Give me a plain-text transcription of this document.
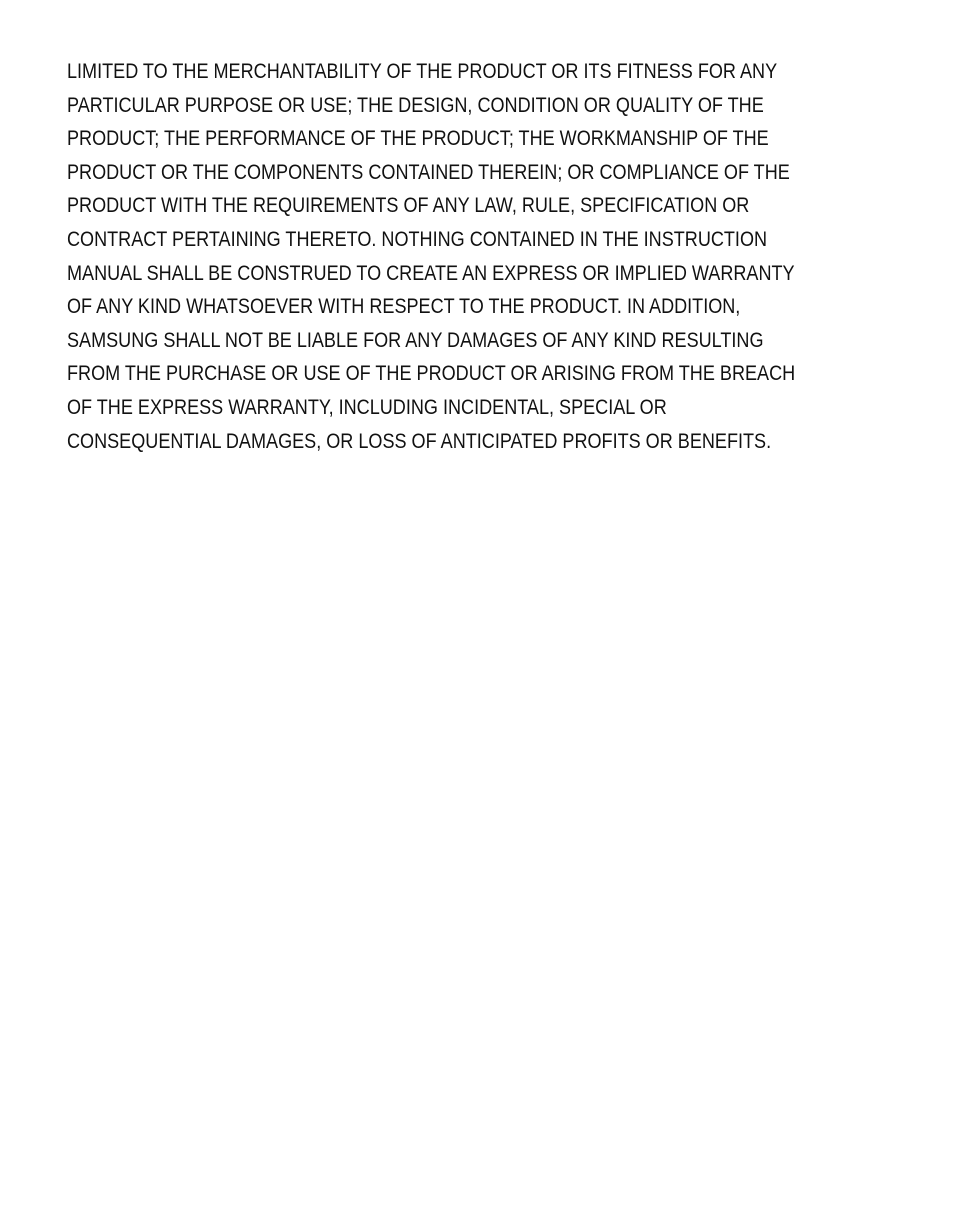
LIMITED TO THE MERCHANTABILITY OF THE PRODUCT OR ITS FITNESS FOR ANY
PARTICULAR PURPOSE OR USE; THE DESIGN, CONDITION OR QUALITY OF THE
PRODUCT; THE PERFORMANCE OF THE PRODUCT; THE WORKMANSHIP OF THE
PRODUCT OR THE COMPONENTS CONTAINED THEREIN; OR COMPLIANCE OF THE
PRODUCT WITH THE REQUIREMENTS OF ANY LAW, RULE, SPECIFICATION OR
CONTRACT PERTAINING THERETO. NOTHING CONTAINED IN THE INSTRUCTION
MANUAL SHALL BE CONSTRUED TO CREATE AN EXPRESS OR IMPLIED WARRANTY
OF ANY KIND WHATSOEVER WITH RESPECT TO THE PRODUCT. IN ADDITION,
SAMSUNG SHALL NOT BE LIABLE FOR ANY DAMAGES OF ANY KIND RESULTING
FROM THE PURCHASE OR USE OF THE PRODUCT OR ARISING FROM THE BREACH
OF THE EXPRESS WARRANTY, INCLUDING INCIDENTAL, SPECIAL OR
CONSEQUENTIAL DAMAGES, OR LOSS OF ANTICIPATED PROFITS OR BENEFITS.
